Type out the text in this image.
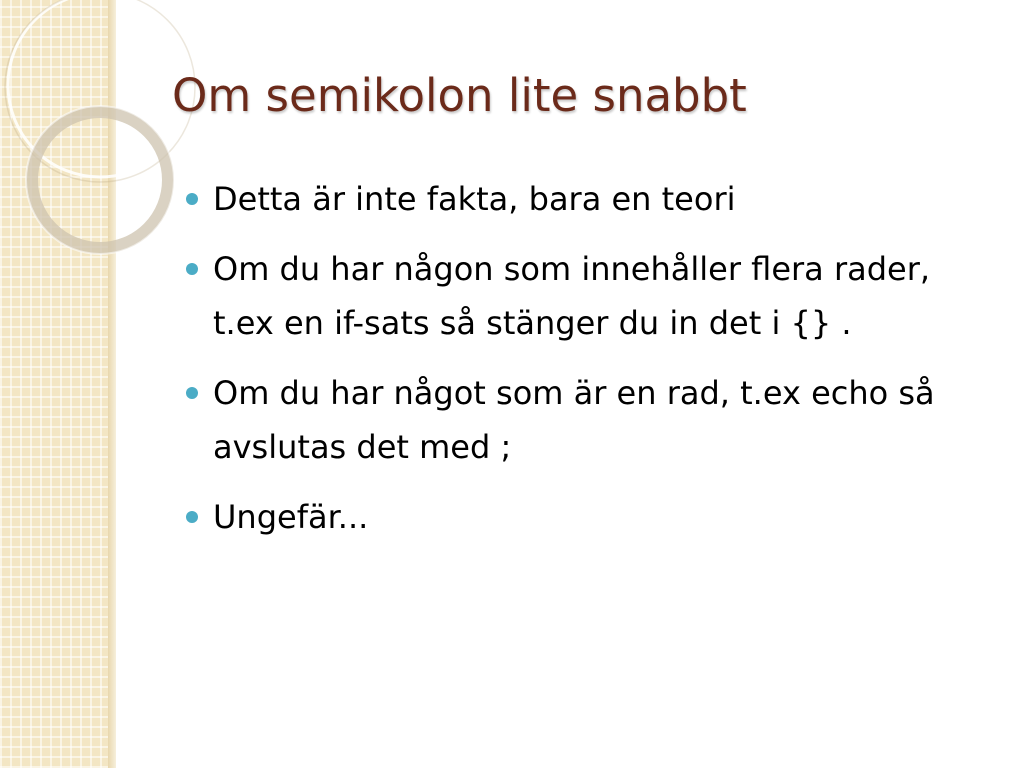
Om semikolon lite snabbt
Detta är inte fakta, bara en teori
Om du har någon som innehåller flera rader, t.ex en if-sats så stänger du in det i {} .
Om du har något som är en rad, t.ex echo så avslutas det med ;
Ungefär...
